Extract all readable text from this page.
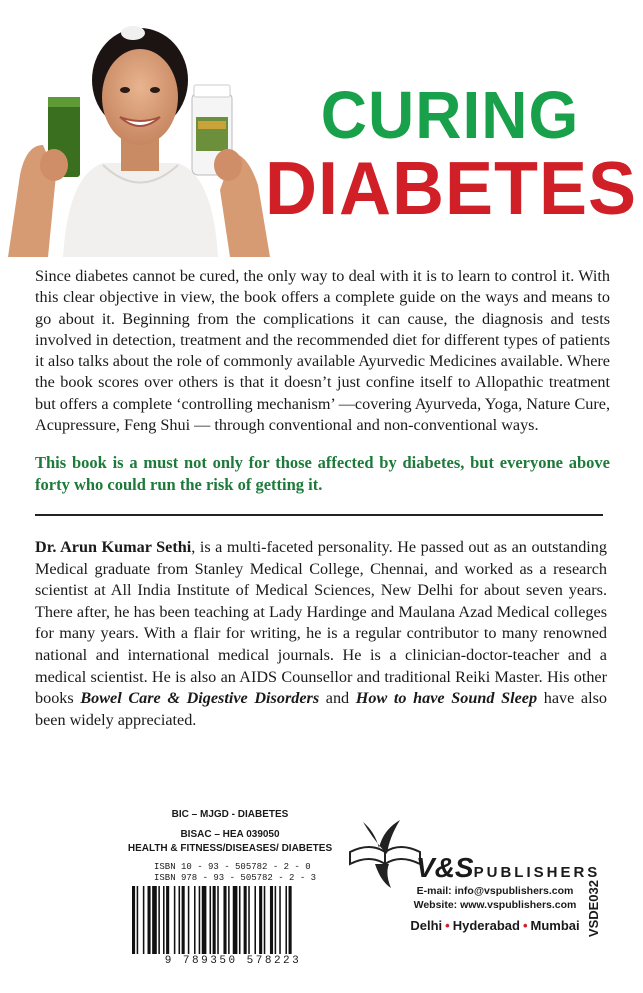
CURING
DIABETES
Since diabetes cannot be cured, the only way to deal with it is to learn to control it. With this clear objective in view, the book offers a complete guide on the ways and means to go about it. Beginning from the complications it can cause, the diagnosis and tests involved in detection, treatment and the recommended diet for different types of patients it also talks about the role of commonly available Ayurvedic Medicines available. Where the book scores over others is that it doesn’t just confine itself to Allopathic treatment but offers a complete ‘controlling mechanism’ —covering Ayurveda, Yoga, Nature Cure, Acupressure, Feng Shui — through conventional and non-conventional ways.
This book is a must not only for those affected by diabetes, but everyone above forty who could run the risk of getting it.
Dr. Arun Kumar Sethi, is a multi-faceted personality. He passed out as an outstanding Medical graduate from Stanley Medical College, Chennai, and worked as a research scientist at All India Institute of Medical Sciences, New Delhi for about seven years. There after, he has been teaching at Lady Hardinge and Maulana Azad Medical colleges for many years. With a flair for writing, he is a regular contributor to many renowned national and international medical journals. He is a clinician-doctor-teacher and a medical scientist. He is also an AIDS Counsellor and traditional Reiki Master. His other books Bowel Care & Digestive Disorders and How to have Sound Sleep have also been widely appreciated.
BIC – MJGD - DIABETES
BISAC – HEA 039050
HEALTH & FITNESS/DISEASES/ DIABETES
ISBN 10 - 93 - 505782 - 2 - 0
ISBN 978 - 93 - 505782 - 2 - 3
9 789350 578223
VSDE032
V&SPUBLISHERS
E-mail: info@vspublishers.com
Website: www.vspublishers.com
Delhi • Hyderabad • Mumbai
